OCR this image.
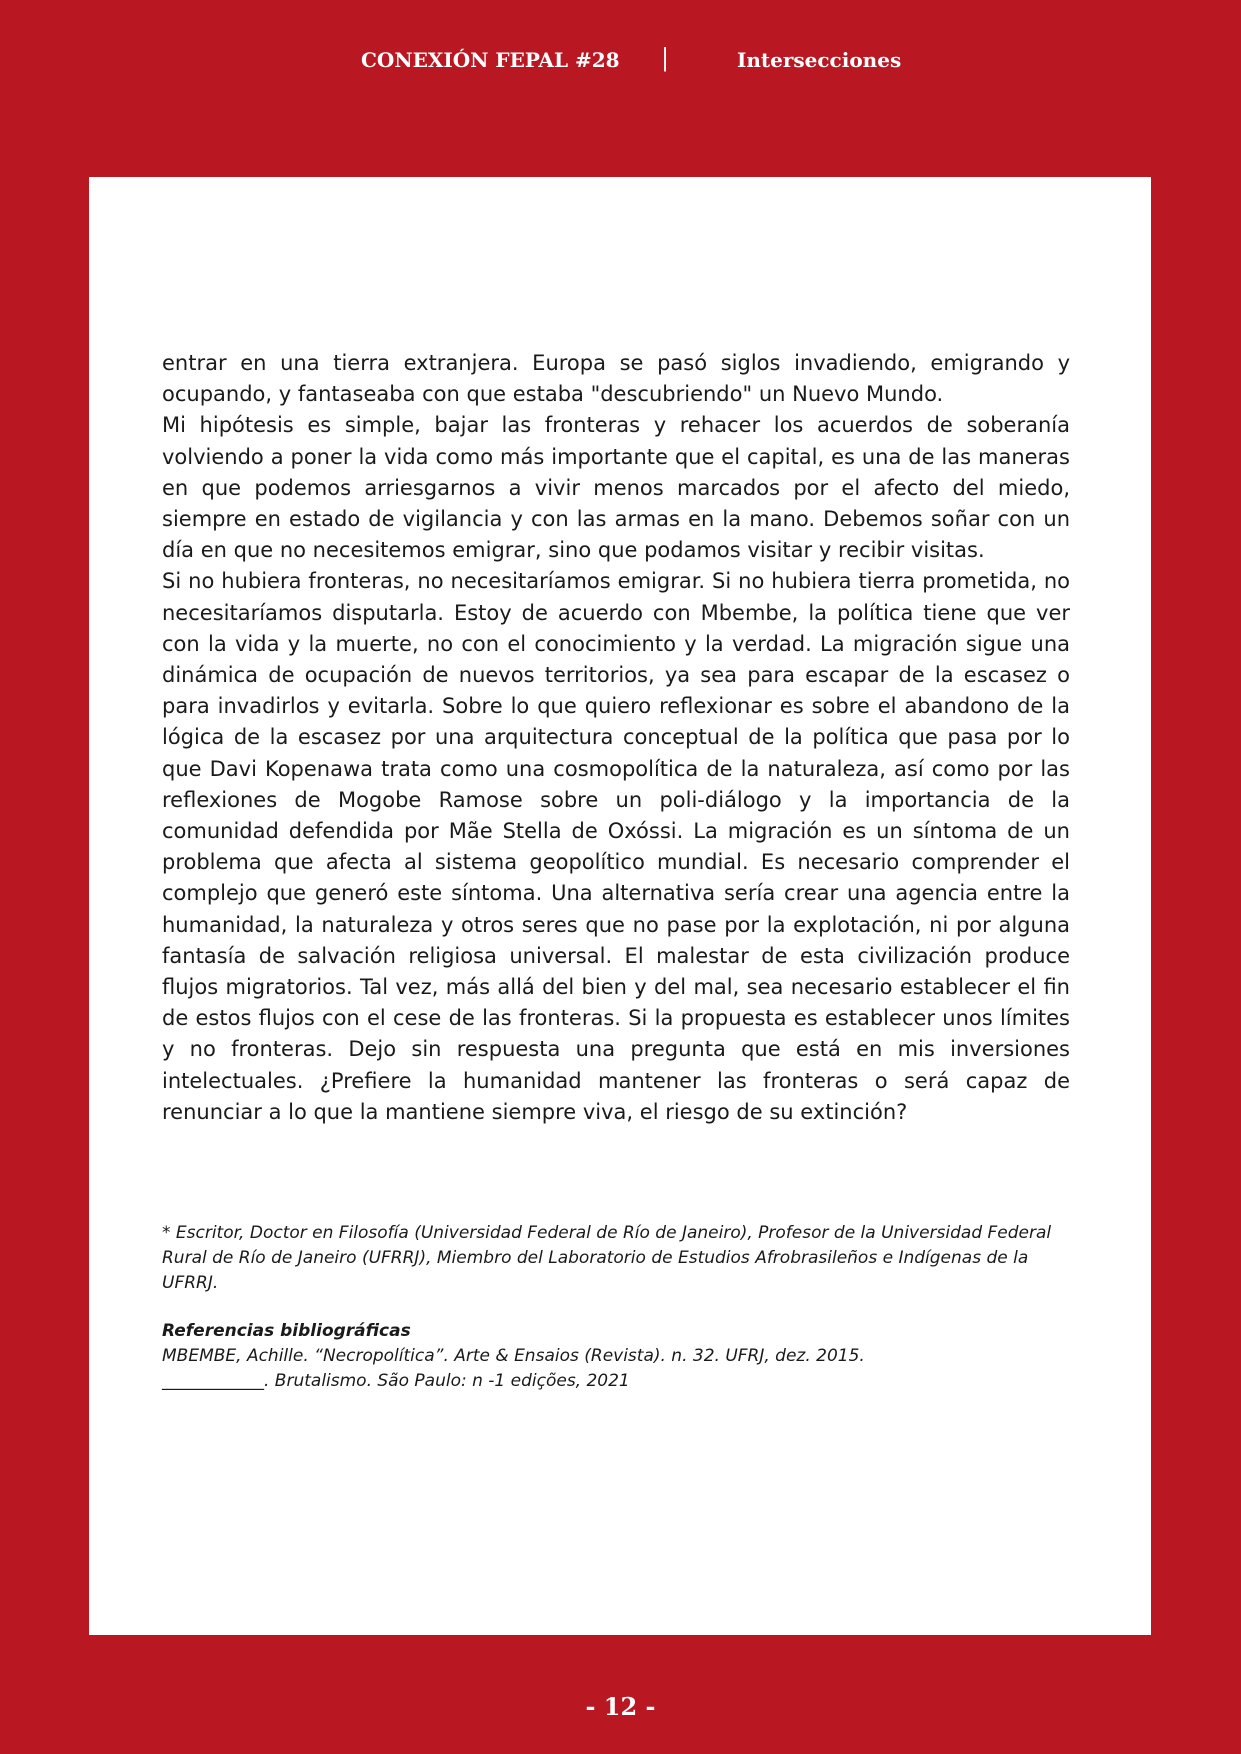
CONEXIÓN FEPAL #28 |	Intersecciones

entrar en una tierra extranjera. Europa se pasó siglos invadiendo, emigrando y ocupando, y fantaseaba con que estaba "descubriendo" un Nuevo Mundo.

Mi hipótesis es simple, bajar las fronteras y rehacer los acuerdos de soberanía volviendo a poner la vida como más importante que el capital, es una de las maneras en que podemos arriesgarnos a vivir menos marcados por el afecto del miedo, siempre en estado de vigilancia y con las armas en la mano. Debemos soñar con un día en que no necesitemos emigrar, sino que podamos visitar y recibir visitas.

Si no hubiera fronteras, no necesitaríamos emigrar. Si no hubiera tierra prometida, no necesitaríamos disputarla. Estoy de acuerdo con Mbembe, la política tiene que ver con la vida y la muerte, no con el conocimiento y la verdad. La migración sigue una dinámica de ocupación de nuevos territorios, ya sea para escapar de la escasez o para invadirlos y evitarla. Sobre lo que quiero reflexionar es sobre el abandono de la lógica de la escasez por una arquitectura conceptual de la política que pasa por lo que Davi Kopenawa trata como una cosmopolítica de la naturaleza, así como por las reflexiones de Mogobe Ramose sobre un poli-diálogo y la importancia de la comunidad defendida por Mãe Stella de Oxóssi. La migración es un síntoma de un problema que afecta al sistema geopolítico mundial. Es necesario comprender el complejo que generó este síntoma. Una alternativa sería crear una agencia entre la humanidad, la naturaleza y otros seres que no pase por la explotación, ni por alguna fantasía de salvación religiosa universal. El malestar de esta civilización produce flujos migratorios. Tal vez, más allá del bien y del mal, sea necesario establecer el fin de estos flujos con el cese de las fronteras. Si la propuesta es establecer unos límites y no fronteras. Dejo sin respuesta una pregunta que está en mis inversiones intelectuales. ¿Prefiere la humanidad mantener las fronteras o será capaz de renunciar a lo que la mantiene siempre viva, el riesgo de su extinción?

* Escritor, Doctor en Filosofía (Universidad Federal de Río de Janeiro), Profesor de la Universidad Federal Rural de Río de Janeiro (UFRRJ), Miembro del Laboratorio de Estudios Afrobrasileños e Indígenas de la UFRRJ.

Referencias bibliográficas

MBEMBE, Achille. “Necropolítica”. Arte & Ensaios (Revista). n. 32. UFRJ, dez. 2015.

____________. Brutalismo. São Paulo: n -1 edições, 2021

- 12 -
